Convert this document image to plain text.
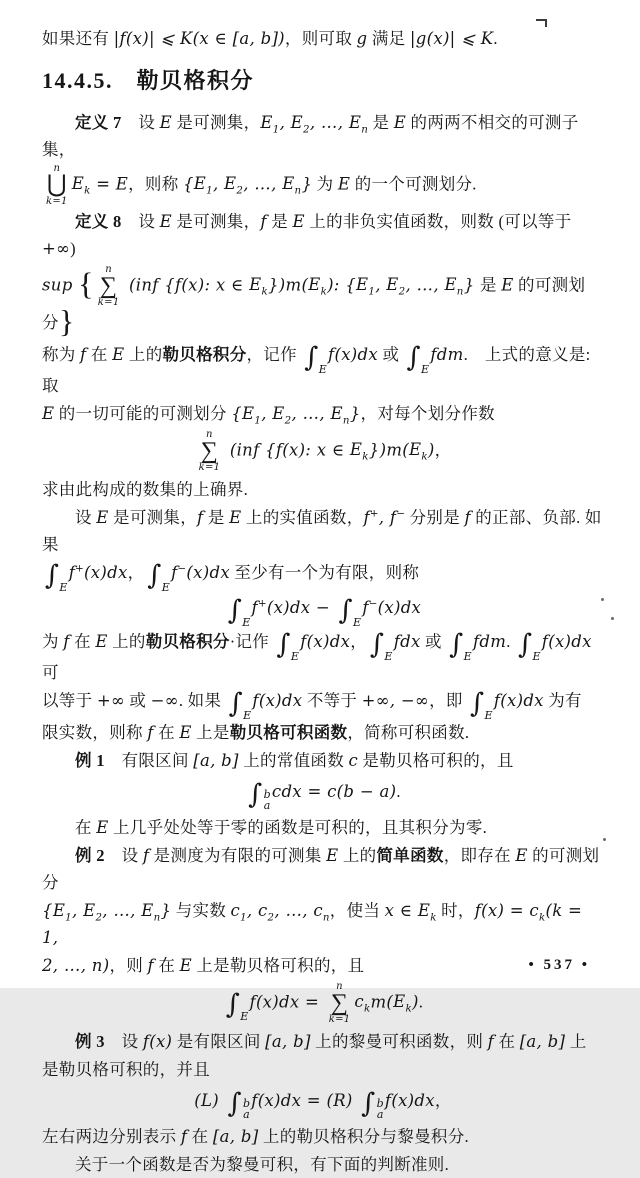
如果还有 |f(x)| ⩽ K(x ∈ [a, b])，则可取 g 满足 |g(x)| ⩽ K.
14.4.5.　勒贝格积分
定义 7　设 E 是可测集，$E_1$, $E_2$, …, $E_n$ 是 E 的两两不相交的可测子集，
n
⋃
k=1
$E_k = E$，则称 {$E_1$, $E_2$, …, $E_n$} 为 E 的一个可测划分.
定义 8　设 E 是可测集，f 是 E 上的非负实值函数，则数 (可以等于 +∞)
sup { n
∑
k=1
(inf {f(x): x ∈ $E_k\})m(E_k)$: {$E_1$, $E_2$, …, $E_n$} 是 E 的可测划分}
称为 f 在 E 上的勒贝格积分，记作 $\int_Ef(x)dx$ 或 $\int_Efdm$.　上式的意义是: 取
E 的一切可能的可测划分 {$E_1$, $E_2$, …, $E_n$}，对每个划分作数
n
∑
k=1
(inf {f(x): x ∈ $E_k\})m(E_k)$，
求由此构成的数集的上确界.
设 E 是可测集，f 是 E 上的实值函数，f+, f− 分别是 f 的正部、负部. 如果
$\int_Ef^+(x)dx$， $\int_Ef^-(x)dx$ 至少有一个为有限，则称
$\int_Ef^+(x)dx - \int_Ef^-(x)dx$
为 f 在 E 上的勒贝格积分·记作 $\int_Ef(x)dx$， $\int_Efdx$ 或 $\int_Efdm$. $\int_Ef(x)dx$ 可
以等于 +∞ 或 −∞. 如果 $\int_Ef(x)dx$ 不等于 +∞, −∞，即 $\int_Ef(x)dx$ 为有
限实数，则称 f 在 E 上是勒贝格可积函数，简称可积函数.
例 1　有限区间 [a, b] 上的常值函数 c 是勒贝格可积的，且
∫ b
a
cdx = c(b − a).
在 E 上几乎处处等于零的函数是可积的，且其积分为零.
例 2　设 f 是测度为有限的可测集 E 上的简单函数，即存在 E 的可测划分
{$E_1$, $E_2$, …, $E_n$} 与实数 $c_1$, $c_2$, …, $c_n$，使当 x ∈ $E_k$ 时，$f(x) = c_k(k = 1$,
2, …, n)，则 f 在 E 上是勒贝格可积的，且
$\int_Ef(x)dx$ =
n
∑
k=1
$c_km(E_k)$.
例 3　设 f(x) 是有限区间 [a, b] 上的黎曼可积函数，则 f 在 [a, b] 上
是勒贝格可积的，并且
(L) ∫ b
a
f(x)dx = (R) ∫ b
a
f(x)dx，
左右两边分别表示 f 在 [a, b] 上的勒贝格积分与黎曼积分.
关于一个函数是否为黎曼可积，有下面的判断准则.
• 537 •
